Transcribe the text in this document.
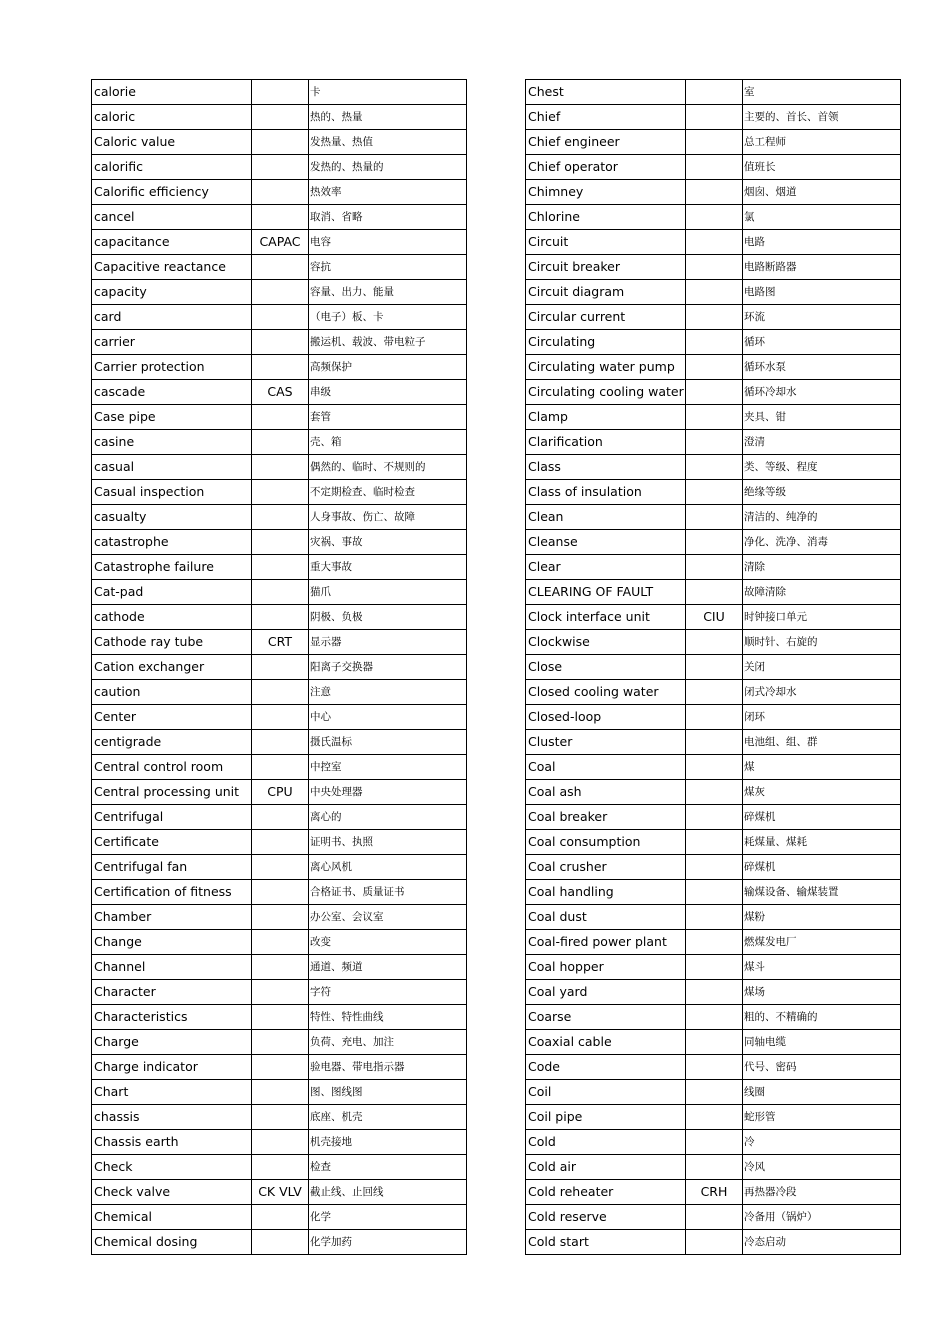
calorie		卡
caloric		热的、热量
Caloric value		发热量、热值
calorific		发热的、热量的
Calorific efficiency		热效率
cancel		取消、省略
capacitance	CAPAC	电容
Capacitive reactance		容抗
capacity		容量、出力、能量
card		（电子）板、卡
carrier		搬运机、载波、带电粒子
Carrier protection		高频保护
cascade	CAS	串级
Case pipe		套管
casine		壳、箱
casual		偶然的、临时、不规则的
Casual inspection		不定期检查、临时检查
casualty		人身事故、伤亡、故障
catastrophe		灾祸、事故
Catastrophe failure		重大事故
Cat-pad		猫爪
cathode		阴极、负极
Cathode ray tube	CRT	显示器
Cation exchanger		阳离子交换器
caution		注意
Center		中心
centigrade		摄氏温标
Central control room		中控室
Central processing unit	CPU	中央处理器
Centrifugal		离心的
Certificate		证明书、执照
Centrifugal fan		离心风机
Certification of fitness		合格证书、质量证书
Chamber		办公室、会议室
Change		改变
Channel		通道、频道
Character		字符
Characteristics		特性、特性曲线
Charge		负荷、充电、加注
Charge indicator		验电器、带电指示器
Chart		图、图线图
chassis		底座、机壳
Chassis earth		机壳接地
Check		检查
Check valve	CK VLV	截止线、止回线
Chemical		化学
Chemical dosing		化学加药
Chest		室
Chief		主要的、首长、首领
Chief engineer		总工程师
Chief operator		值班长
Chimney		烟囱、烟道
Chlorine		氯
Circuit		电路
Circuit breaker		电路断路器
Circuit diagram		电路图
Circular current		环流
Circulating		循环
Circulating water pump		循环水泵
Circulating cooling water		循环冷却水
Clamp		夹具、钳
Clarification		澄清
Class		类、等级、程度
Class of insulation		绝缘等级
Clean		清洁的、纯净的
Cleanse		净化、洗净、消毒
Clear		清除
CLEARING OF FAULT		故障清除
Clock interface unit	CIU	时钟接口单元
Clockwise		顺时针、右旋的
Close		关闭
Closed cooling water		闭式冷却水
Closed-loop		闭环
Cluster		电池组、组、群
Coal		煤
Coal ash		煤灰
Coal breaker		碎煤机
Coal consumption		耗煤量、煤耗
Coal crusher		碎煤机
Coal handling		输煤设备、输煤装置
Coal dust		煤粉
Coal-fired power plant		燃煤发电厂
Coal hopper		煤斗
Coal yard		煤场
Coarse		粗的、不精确的
Coaxial cable		同轴电缆
Code		代号、密码
Coil		线圈
Coil pipe		蛇形管
Cold		冷
Cold air		冷风
Cold reheater	CRH	再热器冷段
Cold reserve		冷备用（锅炉）
Cold start		冷态启动
